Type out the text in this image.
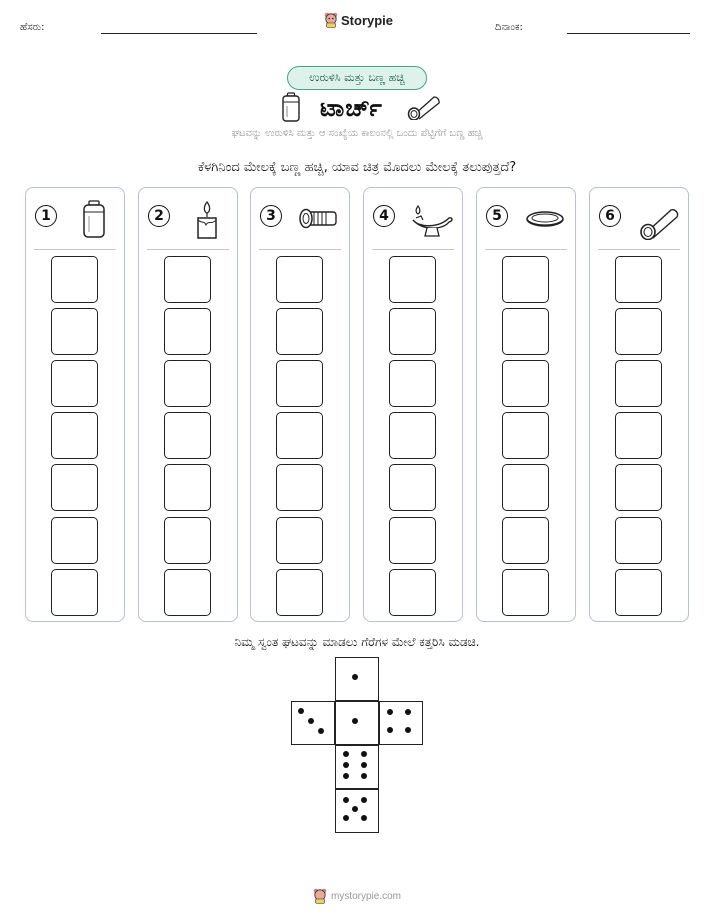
ಹೆಸರು:	Storypie	ದಿನಾಂಕ:
ಉರುಳಿಸಿ ಮತ್ತು ಬಣ್ಣ ಹಚ್ಚಿ
ಟಾರ್ಚ್
ಘಟವನ್ನು ಉರುಳಿಸಿ ಮತ್ತು ಆ ಸಂಖ್ಯೆಯ ಕಾಲಂನಲ್ಲಿ ಒಂದು ಪೆಟ್ಟಿಗೆಗೆ ಬಣ್ಣ ಹಚ್ಚಿ
ಕೆಳಗಿನಿಂದ ಮೇಲಕ್ಕೆ ಬಣ್ಣ ಹಚ್ಚಿ, ಯಾವ ಚಿತ್ರ ಮೊದಲು ಮೇಲಕ್ಕೆ ತಲುಪುತ್ತದೆ?
1	2	3	4	5	6
ನಿಮ್ಮ ಸ್ವಂತ ಘಟವನ್ನು ಮಾಡಲು ಗೆರೆಗಳ ಮೇಲೆ ಕತ್ತರಿಸಿ ಮಡಚಿ.
mystorypie.com
